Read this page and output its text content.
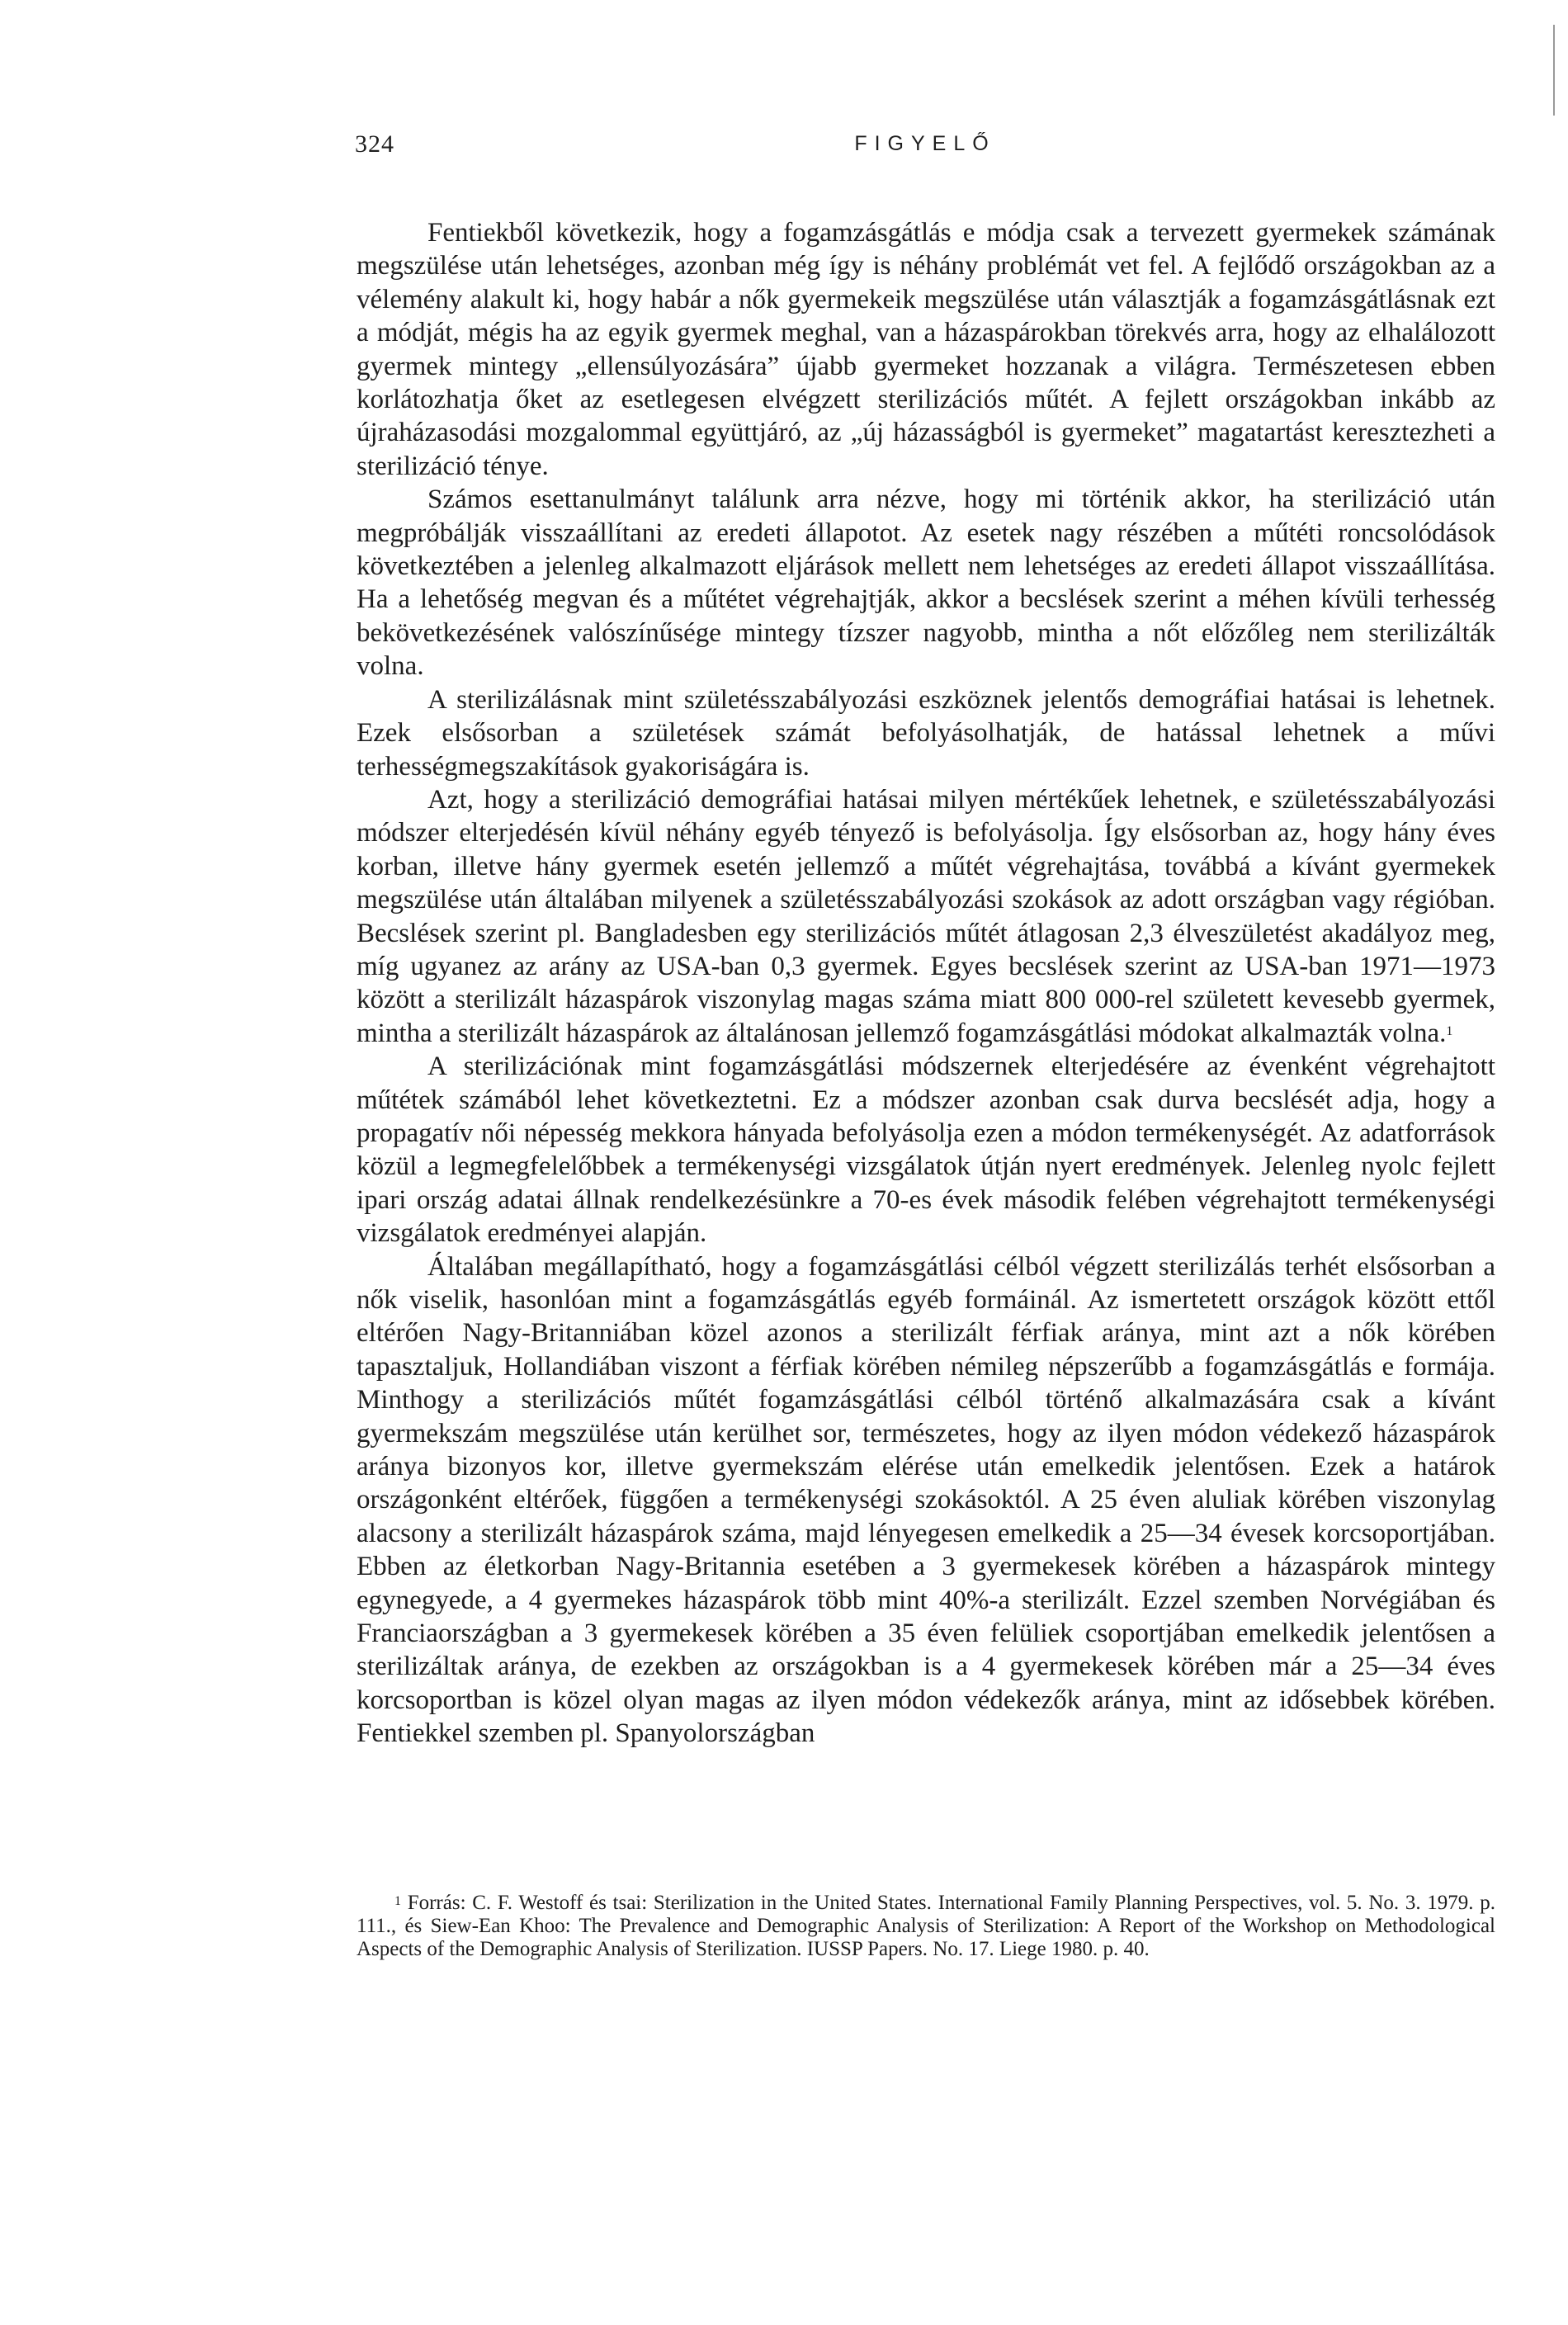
324	FIGYELŐ

Fentiekből következik, hogy a fogamzásgátlás e módja csak a tervezett gyermekek számának megszülése után lehetséges, azonban még így is néhány problémát vet fel. A fejlődő országokban az a vélemény alakult ki, hogy habár a nők gyermekeik megszülése után választják a fogamzásgátlásnak ezt a módját, mégis ha az egyik gyermek meghal, van a házaspárokban törekvés arra, hogy az elhalálozott gyermek mintegy „ellensúlyozására” újabb gyermeket hozzanak a világra. Természetesen ebben korlátozhatja őket az esetlegesen elvégzett sterilizációs műtét. A fejlett országokban inkább az újraházasodási mozgalommal együttjáró, az „új házasságból is gyermeket” magatartást keresztezheti a sterilizáció ténye.

Számos esettanulmányt találunk arra nézve, hogy mi történik akkor, ha sterilizáció után megpróbálják visszaállítani az eredeti állapotot. Az esetek nagy részében a műtéti roncsolódások következtében a jelenleg alkalmazott eljárások mellett nem lehetséges az eredeti állapot visszaállítása. Ha a lehetőség megvan és a műtétet végrehajtják, akkor a becslések szerint a méhen kívüli terhesség bekövetkezésének valószínűsége mintegy tízszer nagyobb, mintha a nőt előzőleg nem sterilizálták volna.

A sterilizálásnak mint születésszabályozási eszköznek jelentős demográfiai hatásai is lehetnek. Ezek elsősorban a születések számát befolyásolhatják, de hatással lehetnek a művi terhességmegszakítások gyakoriságára is.

Azt, hogy a sterilizáció demográfiai hatásai milyen mértékűek lehetnek, e születésszabályozási módszer elterjedésén kívül néhány egyéb tényező is befolyásolja. Így elsősorban az, hogy hány éves korban, illetve hány gyermek esetén jellemző a műtét végrehajtása, továbbá a kívánt gyermekek megszülése után általában milyenek a születésszabályozási szokások az adott országban vagy régióban. Becslések szerint pl. Bangladesben egy sterilizációs műtét átlagosan 2,3 élveszületést akadályoz meg, míg ugyanez az arány az USA-ban 0,3 gyermek. Egyes becslések szerint az USA-ban 1971—1973 között a sterilizált házaspárok viszonylag magas száma miatt 800 000-rel született kevesebb gyermek, mintha a sterilizált házaspárok az általánosan jellemző fogamzásgátlási módokat alkalmazták volna.$^1$

A sterilizációnak mint fogamzásgátlási módszernek elterjedésére az évenként végrehajtott műtétek számából lehet következtetni. Ez a módszer azonban csak durva becslését adja, hogy a propagatív női népesség mekkora hányada befolyásolja ezen a módon termékenységét. Az adatforrások közül a legmegfelelőbbek a termékenységi vizsgálatok útján nyert eredmények. Jelenleg nyolc fejlett ipari ország adatai állnak rendelkezésünkre a 70-es évek második felében végrehajtott termékenységi vizsgálatok eredményei alapján.

Általában megállapítható, hogy a fogamzásgátlási célból végzett sterilizálás terhét elsősorban a nők viselik, hasonlóan mint a fogamzásgátlás egyéb formáinál. Az ismertetett országok között ettől eltérően Nagy-Britanniában közel azonos a sterilizált férfiak aránya, mint azt a nők körében tapasztaljuk, Hollandiában viszont a férfiak körében némileg népszerűbb a fogamzásgátlás e formája. Minthogy a sterilizációs műtét fogamzásgátlási célból történő alkalmazására csak a kívánt gyermekszám megszülése után kerülhet sor, természetes, hogy az ilyen módon védekező házaspárok aránya bizonyos kor, illetve gyermekszám elérése után emelkedik jelentősen. Ezek a határok országonként eltérőek, függően a termékenységi szokásoktól. A 25 éven aluliak körében viszonylag alacsony a sterilizált házaspárok száma, majd lényegesen emelkedik a 25—34 évesek korcsoportjában. Ebben az életkorban Nagy-Britannia esetében a 3 gyermekesek körében a házaspárok mintegy egynegyede, a 4 gyermekes házaspárok több mint 40%-a sterilizált. Ezzel szemben Norvégiában és Franciaországban a 3 gyermekesek körében a 35 éven felüliek csoportjában emelkedik jelentősen a sterilizáltak aránya, de ezekben az országokban is a 4 gyermekesek körében már a 25—34 éves korcsoportban is közel olyan magas az ilyen módon védekezők aránya, mint az idősebbek körében. Fentiekkel szemben pl. Spanyolországban

$^1$ Forrás: C. F. Westoff és tsai: Sterilization in the United States. International Family Planning Perspectives, vol. 5. No. 3. 1979. p. 111., és Siew-Ean Khoo: The Prevalence and Demographic Analysis of Sterilization: A Report of the Workshop on Methodological Aspects of the Demographic Analysis of Sterilization. IUSSP Papers. No. 17. Liege 1980. p. 40.
